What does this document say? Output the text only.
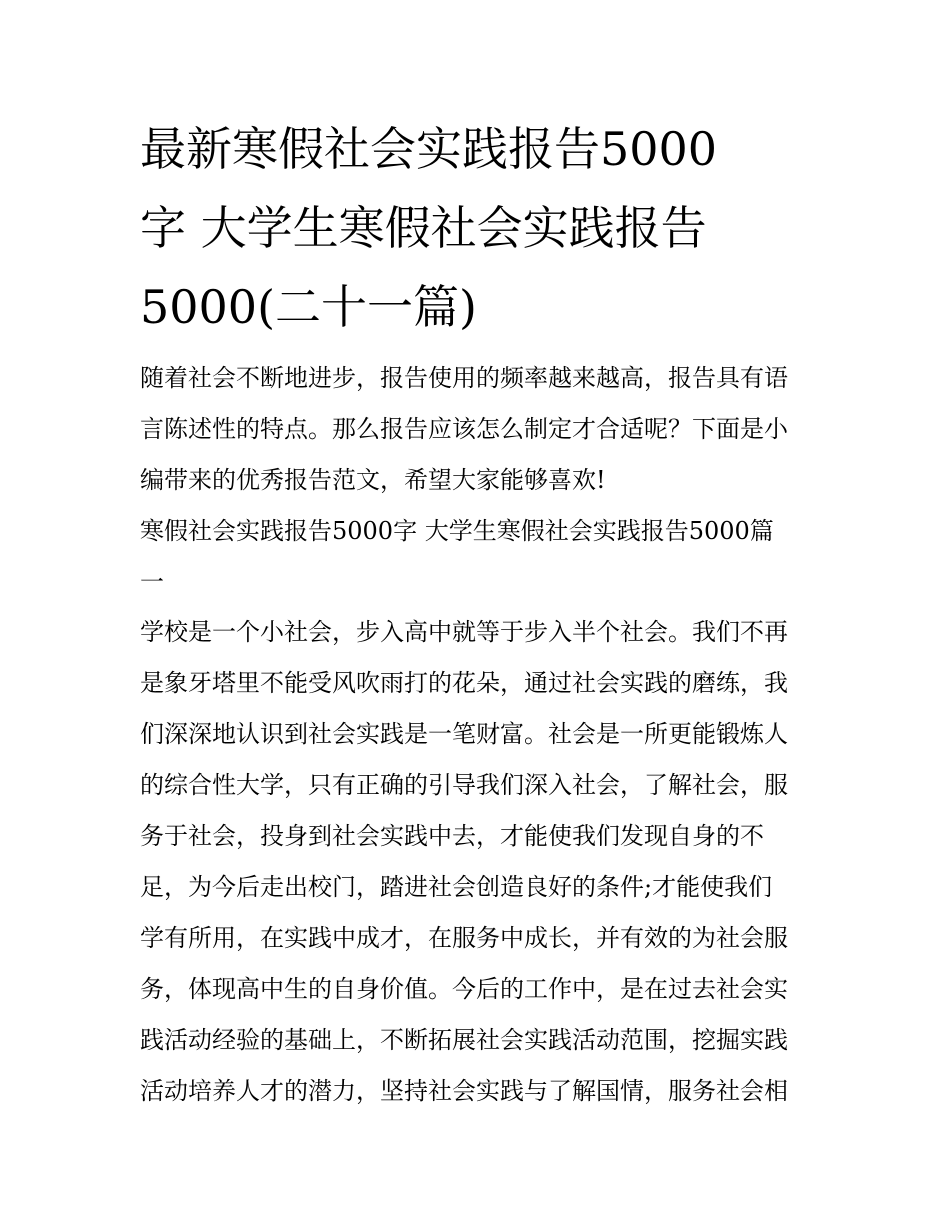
最新寒假社会实践报告5000
字 大学生寒假社会实践报告
5000(二十一篇)

随着社会不断地进步，报告使用的频率越来越高，报告具有语
言陈述性的特点。那么报告应该怎么制定才合适呢？下面是小
编带来的优秀报告范文，希望大家能够喜欢!

寒假社会实践报告5000字 大学生寒假社会实践报告5000篇
一

学校是一个小社会，步入高中就等于步入半个社会。我们不再
是象牙塔里不能受风吹雨打的花朵，通过社会实践的磨练，我
们深深地认识到社会实践是一笔财富。社会是一所更能锻炼人
的综合性大学，只有正确的引导我们深入社会，了解社会，服
务于社会，投身到社会实践中去，才能使我们发现自身的不
足，为今后走出校门，踏进社会创造良好的条件;才能使我们
学有所用，在实践中成才，在服务中成长，并有效的为社会服
务，体现高中生的自身价值。今后的工作中，是在过去社会实
践活动经验的基础上，不断拓展社会实践活动范围，挖掘实践
活动培养人才的潜力，坚持社会实践与了解国情，服务社会相
